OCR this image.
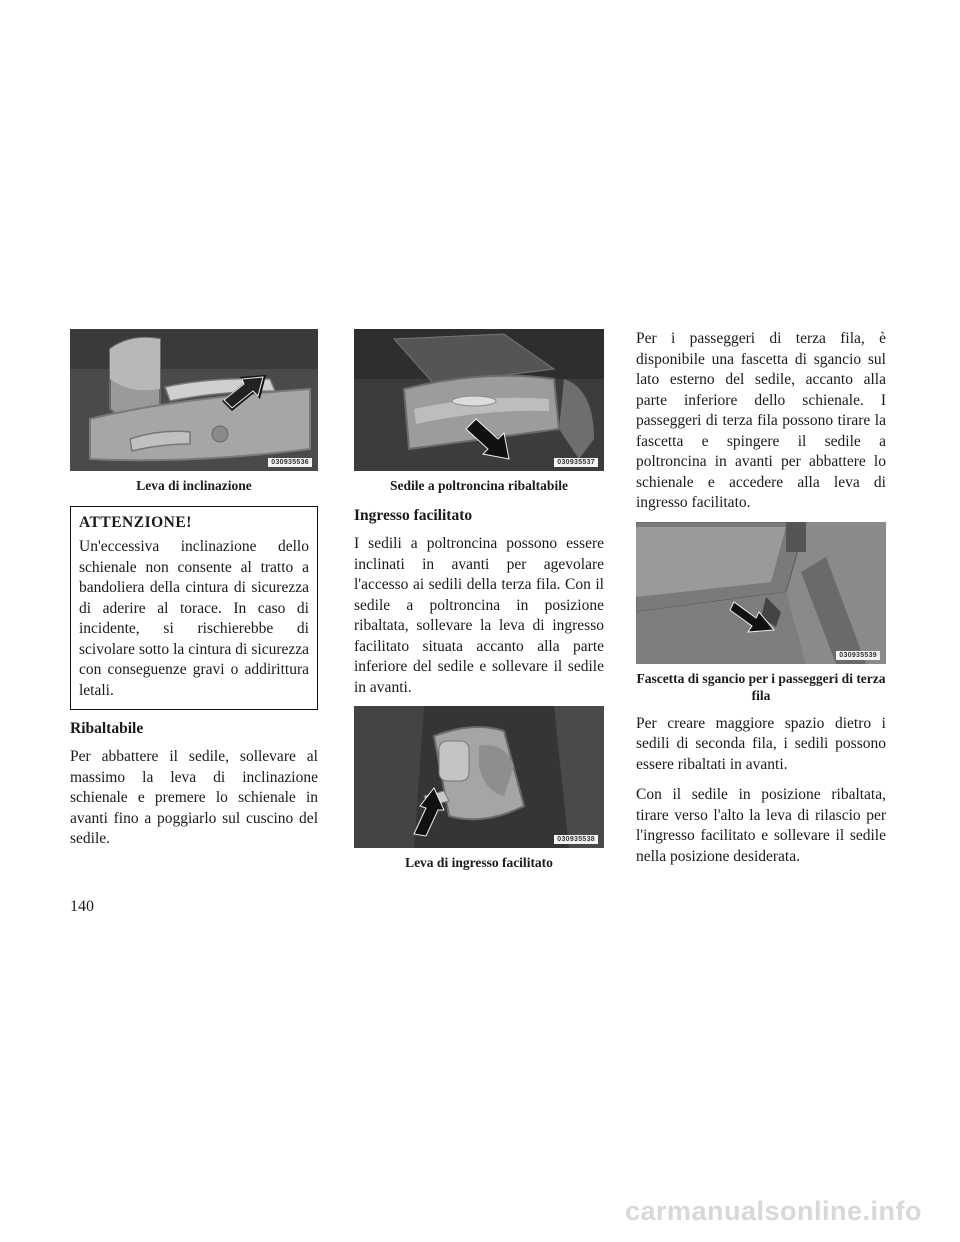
030935536
Leva di inclinazione

ATTENZIONE!

Un'eccessiva inclinazione dello schienale non consente al tratto a bandoliera della cintura di sicurezza di aderire al torace. In caso di incidente, si rischierebbe di scivolare sotto la cintura di sicurezza con conseguenze gravi o addirittura letali.

Ribaltabile

Per abbattere il sedile, sollevare al massimo la leva di inclinazione schienale e premere lo schienale in avanti fino a poggiarlo sul cuscino del sedile.

030935537
Sedile a poltroncina ribaltabile

Ingresso facilitato

I sedili a poltroncina possono essere inclinati in avanti per agevolare l'accesso ai sedili della terza fila. Con il sedile a poltroncina in posizione ribaltata, sollevare la leva di ingresso facilitato situata accanto alla parte inferiore del sedile e sollevare il sedile in avanti.

030935538
Leva di ingresso facilitato

Per i passeggeri di terza fila, è disponibile una fascetta di sgancio sul lato esterno del sedile, accanto alla parte inferiore dello schienale. I passeggeri di terza fila possono tirare la fascetta e spingere il sedile a poltroncina in avanti per abbattere lo schienale e accedere alla leva di ingresso facilitato.

030935539
Fascetta di sgancio per i passeggeri di terza fila

Per creare maggiore spazio dietro i sedili di seconda fila, i sedili possono essere ribaltati in avanti.

Con il sedile in posizione ribaltata, tirare verso l'alto la leva di rilascio per l'ingresso facilitato e sollevare il sedile nella posizione desiderata.

140
carmanualsonline.info
